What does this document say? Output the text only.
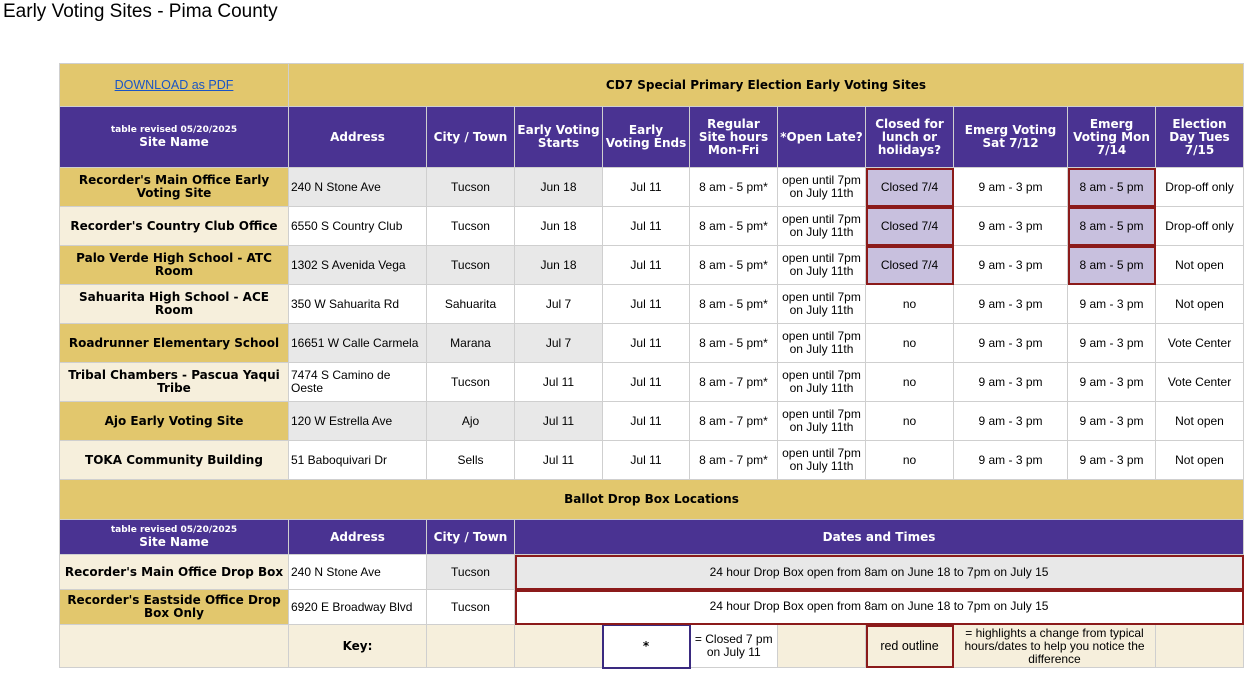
Early Voting Sites - Pima County
DOWNLOAD as PDF	CD7 Special Primary Election Early Voting Sites									

table revised 05/20/2025
Site Name	Address	City / Town	Early Voting Starts	Early Voting Ends	Regular Site hours Mon-Fri	*Open Late?	Closed for lunch or holidays?	Emerg Voting Sat 7/12	Emerg Voting Mon 7/14	Election Day Tues 7/15
Recorder's Main Office Early Voting Site	240 N Stone Ave	Tucson	Jun 18	Jul 11	8 am - 5 pm*	open until 7pm on July 11th	Closed 7/4	9 am - 3 pm	8 am - 5 pm	Drop-off only
Recorder's Country Club Office	6550 S Country Club	Tucson	Jun 18	Jul 11	8 am - 5 pm*	open until 7pm on July 11th	Closed 7/4	9 am - 3 pm	8 am - 5 pm	Drop-off only
Palo Verde High School - ATC Room	1302 S Avenida Vega	Tucson	Jun 18	Jul 11	8 am - 5 pm*	open until 7pm on July 11th	Closed 7/4	9 am - 3 pm	8 am - 5 pm	Not open
Sahuarita High School - ACE Room	350 W Sahuarita Rd	Sahuarita	Jul 7	Jul 11	8 am - 5 pm*	open until 7pm on July 11th	no	9 am - 3 pm	9 am - 3 pm	Not open
Roadrunner Elementary School	16651 W Calle Carmela	Marana	Jul 7	Jul 11	8 am - 5 pm*	open until 7pm on July 11th	no	9 am - 3 pm	9 am - 3 pm	Vote Center
Tribal Chambers - Pascua Yaqui Tribe	7474 S Camino de Oeste	Tucson	Jul 11	Jul 11	8 am - 7 pm*	open until 7pm on July 11th	no	9 am - 3 pm	9 am - 3 pm	Vote Center
Ajo Early Voting Site	120 W Estrella Ave	Ajo	Jul 11	Jul 11	8 am - 7 pm*	open until 7pm on July 11th	no	9 am - 3 pm	9 am - 3 pm	Not open
TOKA Community Building	51 Baboquivari Dr	Sells	Jul 11	Jul 11	8 am - 7 pm*	open until 7pm on July 11th	no	9 am - 3 pm	9 am - 3 pm	Not open
Ballot Drop Box Locations										

table revised 05/20/2025
Site Name	Address	City / Town	Dates and Times							
Recorder's Main Office Drop Box	240 N Stone Ave	Tucson	24 hour Drop Box open from 8am on June 18 to 7pm on July 15							
Recorder's Eastside Office Drop Box Only	6920 E Broadway Blvd	Tucson	24 hour Drop Box open from 8am on June 18 to 7pm on July 15							
	Key:			*	= Closed 7 pm on July 11		red outline	= highlights a change from typical hours/dates to help you notice the difference		
